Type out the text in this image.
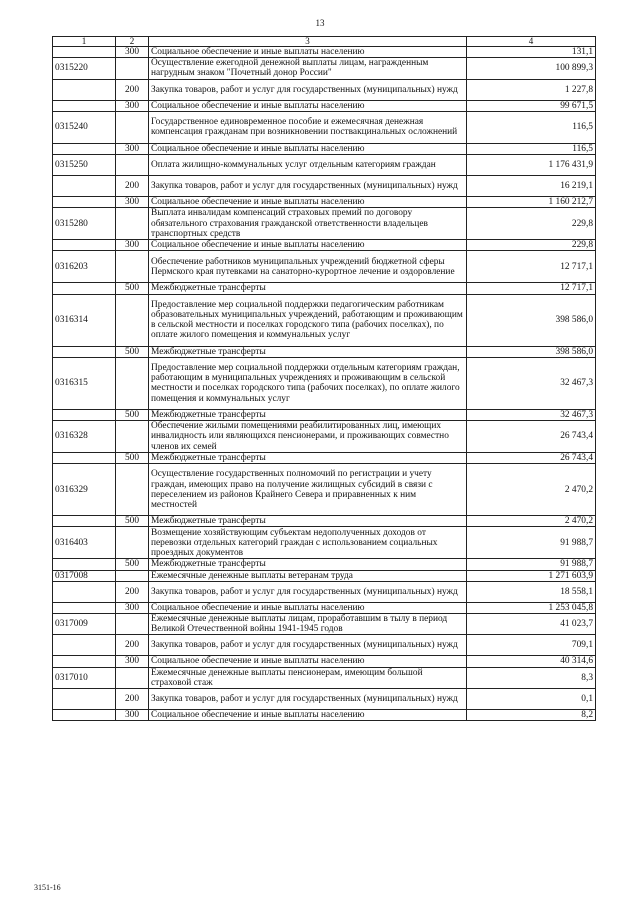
13
1	2	3	4
	300	Социальное обеспечение и иные выплаты населению	131,1
0315220		Осуществление ежегодной денежной выплаты лицам, награжденным нагрудным знаком "Почетный донор России"	100 899,3
	200	Закупка товаров, работ и услуг для государственных (муниципальных) нужд	1 227,8
	300	Социальное обеспечение и иные выплаты населению	99 671,5
0315240		Государственное единовременное пособие и ежемесячная денежная компенсация гражданам при возникновении поствакцинальных осложнений	116,5
	300	Социальное обеспечение и иные выплаты населению	116,5
0315250		Оплата жилищно-коммунальных услуг отдельным категориям граждан	1 176 431,9
	200	Закупка товаров, работ и услуг для государственных (муниципальных) нужд	16 219,1
	300	Социальное обеспечение и иные выплаты населению	1 160 212,7
0315280		Выплата инвалидам компенсаций страховых премий по договору обязательного страхования гражданской ответственности владельцев транспортных средств	229,8
	300	Социальное обеспечение и иные выплаты населению	229,8
0316203		Обеспечение работников муниципальных учреждений бюджетной сферы Пермского края путевками на санаторно-курортное лечение и оздоровление	12 717,1
	500	Межбюджетные трансферты	12 717,1
0316314		Предоставление мер социальной поддержки педагогическим работникам образовательных муниципальных учреждений, работающим и проживающим в сельской местности и поселках городского типа (рабочих поселках), по оплате жилого помещения и коммунальных услуг	398 586,0
	500	Межбюджетные трансферты	398 586,0
0316315		Предоставление мер социальной поддержки отдельным категориям граждан, работающим в муниципальных учреждениях и проживающим в сельской местности и поселках городского типа (рабочих поселках), по оплате жилого помещения и коммунальных услуг	32 467,3
	500	Межбюджетные трансферты	32 467,3
0316328		Обеспечение жилыми помещениями реабилитированных лиц, имеющих инвалидность или являющихся пенсионерами, и проживающих совместно членов их семей	26 743,4
	500	Межбюджетные трансферты	26 743,4
0316329		Осуществление государственных полномочий по регистрации и учету граждан, имеющих право на получение жилищных субсидий в связи с переселением из районов Крайнего Севера и приравненных к ним местностей	2 470,2
	500	Межбюджетные трансферты	2 470,2
0316403		Возмещение хозяйствующим субъектам недополученных доходов от перевозки отдельных категорий граждан с использованием социальных проездных документов	91 988,7
	500	Межбюджетные трансферты	91 988,7
0317008		Ежемесячные денежные выплаты ветеранам труда	1 271 603,9
	200	Закупка товаров, работ и услуг для государственных (муниципальных) нужд	18 558,1
	300	Социальное обеспечение и иные выплаты населению	1 253 045,8
0317009		Ежемесячные денежные выплаты лицам, проработавшим в тылу в период Великой Отечественной войны 1941-1945 годов	41 023,7
	200	Закупка товаров, работ и услуг для государственных (муниципальных) нужд	709,1
	300	Социальное обеспечение и иные выплаты населению	40 314,6
0317010		Ежемесячные денежные выплаты пенсионерам, имеющим большой страховой стаж	8,3
	200	Закупка товаров, работ и услуг для государственных (муниципальных) нужд	0,1
	300	Социальное обеспечение и иные выплаты населению	8,2
3151-16
